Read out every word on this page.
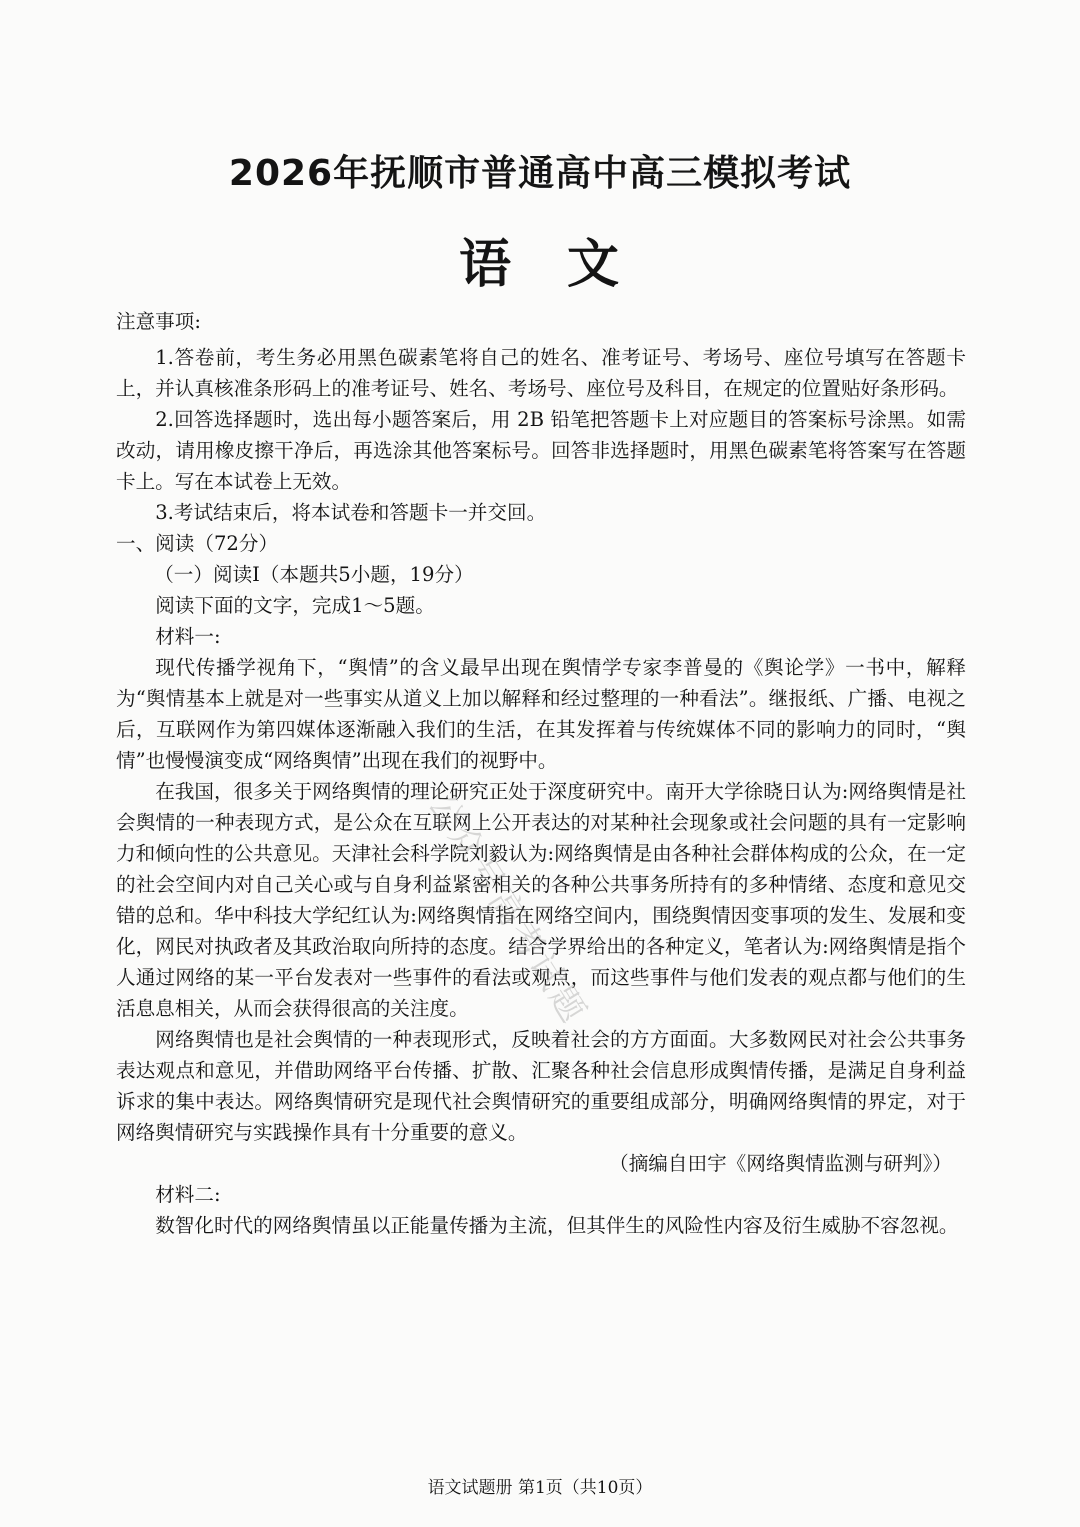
2026年抚顺市普通高中高三模拟考试
语　文

注意事项:

1.答卷前，考生务必用黑色碳素笔将自己的姓名、准考证号、考场号、座位号填写在答题卡上，并认真核准条形码上的准考证号、姓名、考场号、座位号及科目，在规定的位置贴好条形码。

2.回答选择题时，选出每小题答案后，用 2B 铅笔把答题卡上对应题目的答案标号涂黑。如需改动，请用橡皮擦干净后，再选涂其他答案标号。回答非选择题时，用黑色碳素笔将答案写在答题卡上。写在本试卷上无效。

3.考试结束后，将本试卷和答题卡一并交回。

一、阅读（72分）

（一）阅读Ⅰ（本题共5小题，19分）

阅读下面的文字，完成1～5题。

材料一:

现代传播学视角下，“舆情”的含义最早出现在舆情学专家李普曼的《舆论学》一书中，解释为“舆情基本上就是对一些事实从道义上加以解释和经过整理的一种看法”。继报纸、广播、电视之后，互联网作为第四媒体逐渐融入我们的生活，在其发挥着与传统媒体不同的影响力的同时，“舆情”也慢慢演变成“网络舆情”出现在我们的视野中。

在我国，很多关于网络舆情的理论研究正处于深度研究中。南开大学徐晓日认为:网络舆情是社会舆情的一种表现方式，是公众在互联网上公开表达的对某种社会现象或社会问题的具有一定影响力和倾向性的公共意见。天津社会科学院刘毅认为:网络舆情是由各种社会群体构成的公众，在一定的社会空间内对自己关心或与自身利益紧密相关的各种公共事务所持有的多种情绪、态度和意见交错的总和。华中科技大学纪红认为:网络舆情指在网络空间内，围绕舆情因变事项的发生、发展和变化，网民对执政者及其政治取向所持的态度。结合学界给出的各种定义，笔者认为:网络舆情是指个人通过网络的某一平台发表对一些事件的看法或观点，而这些事件与他们发表的观点都与他们的生活息息相关，从而会获得很高的关注度。

网络舆情也是社会舆情的一种表现形式，反映着社会的方方面面。大多数网民对社会公共事务表达观点和意见，并借助网络平台传播、扩散、汇聚各种社会信息形成舆情传播，是满足自身利益诉求的集中表达。网络舆情研究是现代社会舆情研究的重要组成部分，明确网络舆情的界定，对于网络舆情研究与实践操作具有十分重要的意义。

（摘编自田宇《网络舆情监测与研判》）

材料二:

数智化时代的网络舆情虽以正能量传播为主流，但其伴生的风险性内容及衍生威胁不容忽视。

公众号高考试题
语文试题册 第1页（共10页）
